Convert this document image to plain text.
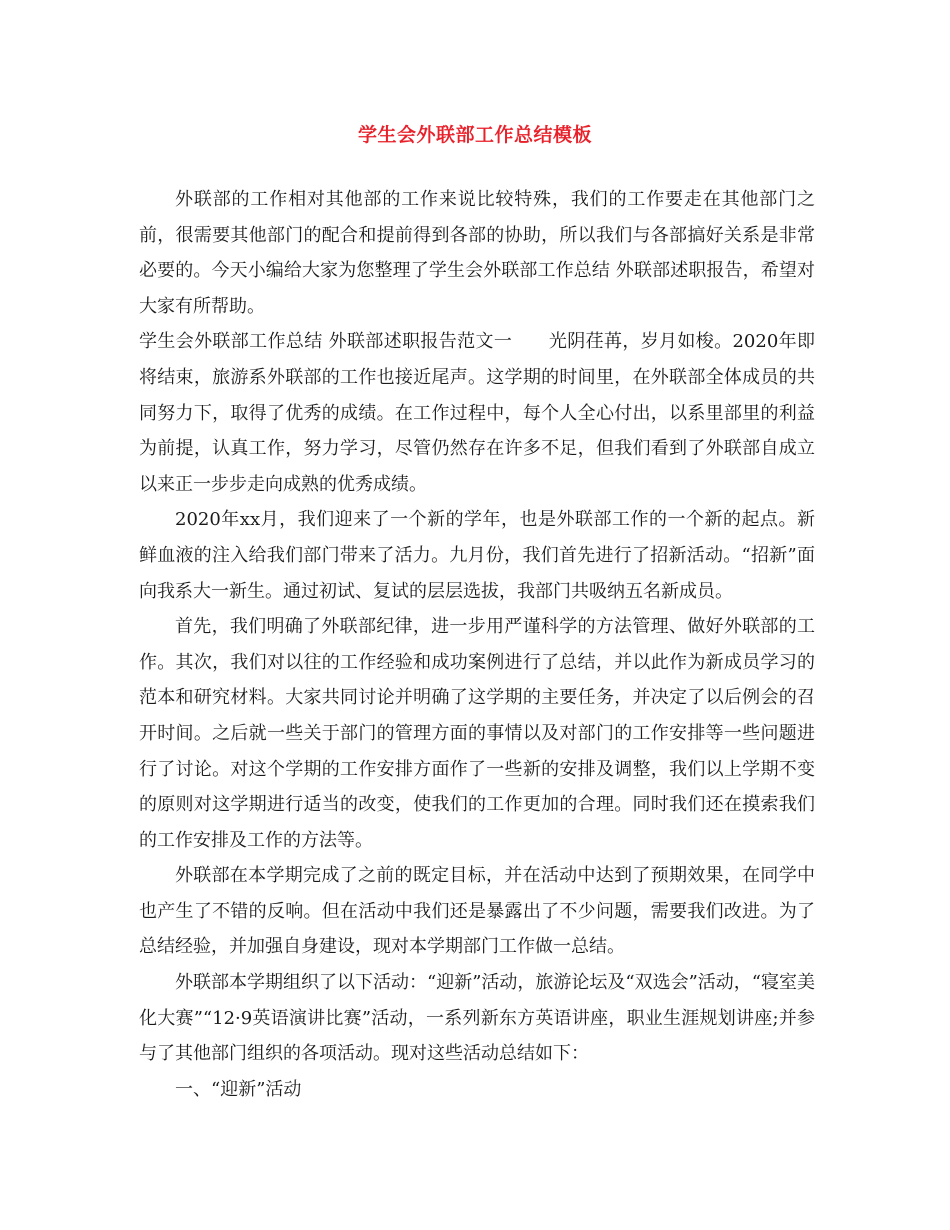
学生会外联部工作总结模板

外联部的工作相对其他部的工作来说比较特殊，我们的工作要走在其他部门之前，很需要其他部门的配合和提前得到各部的协助，所以我们与各部搞好关系是非常必要的。今天小编给大家为您整理了学生会外联部工作总结 外联部述职报告，希望对大家有所帮助。

学生会外联部工作总结 外联部述职报告范文一　　光阴荏苒，岁月如梭。2020年即将结束，旅游系外联部的工作也接近尾声。这学期的时间里，在外联部全体成员的共同努力下，取得了优秀的成绩。在工作过程中，每个人全心付出，以系里部里的利益为前提，认真工作，努力学习，尽管仍然存在许多不足，但我们看到了外联部自成立以来正一步步走向成熟的优秀成绩。

2020年xx月，我们迎来了一个新的学年，也是外联部工作的一个新的起点。新鲜血液的注入给我们部门带来了活力。九月份，我们首先进行了招新活动。“招新”面向我系大一新生。通过初试、复试的层层选拔，我部门共吸纳五名新成员。

首先，我们明确了外联部纪律，进一步用严谨科学的方法管理、做好外联部的工作。其次，我们对以往的工作经验和成功案例进行了总结，并以此作为新成员学习的范本和研究材料。大家共同讨论并明确了这学期的主要任务，并决定了以后例会的召开时间。之后就一些关于部门的管理方面的事情以及对部门的工作安排等一些问题进行了讨论。对这个学期的工作安排方面作了一些新的安排及调整，我们以上学期不变的原则对这学期进行适当的改变，使我们的工作更加的合理。同时我们还在摸索我们的工作安排及工作的方法等。

外联部在本学期完成了之前的既定目标，并在活动中达到了预期效果，在同学中也产生了不错的反响。但在活动中我们还是暴露出了不少问题，需要我们改进。为了总结经验，并加强自身建设，现对本学期部门工作做一总结。

外联部本学期组织了以下活动：“迎新”活动，旅游论坛及“双选会”活动，“寝室美化大赛”“12·9英语演讲比赛”活动，一系列新东方英语讲座，职业生涯规划讲座;并参与了其他部门组织的各项活动。现对这些活动总结如下：

一、“迎新”活动
